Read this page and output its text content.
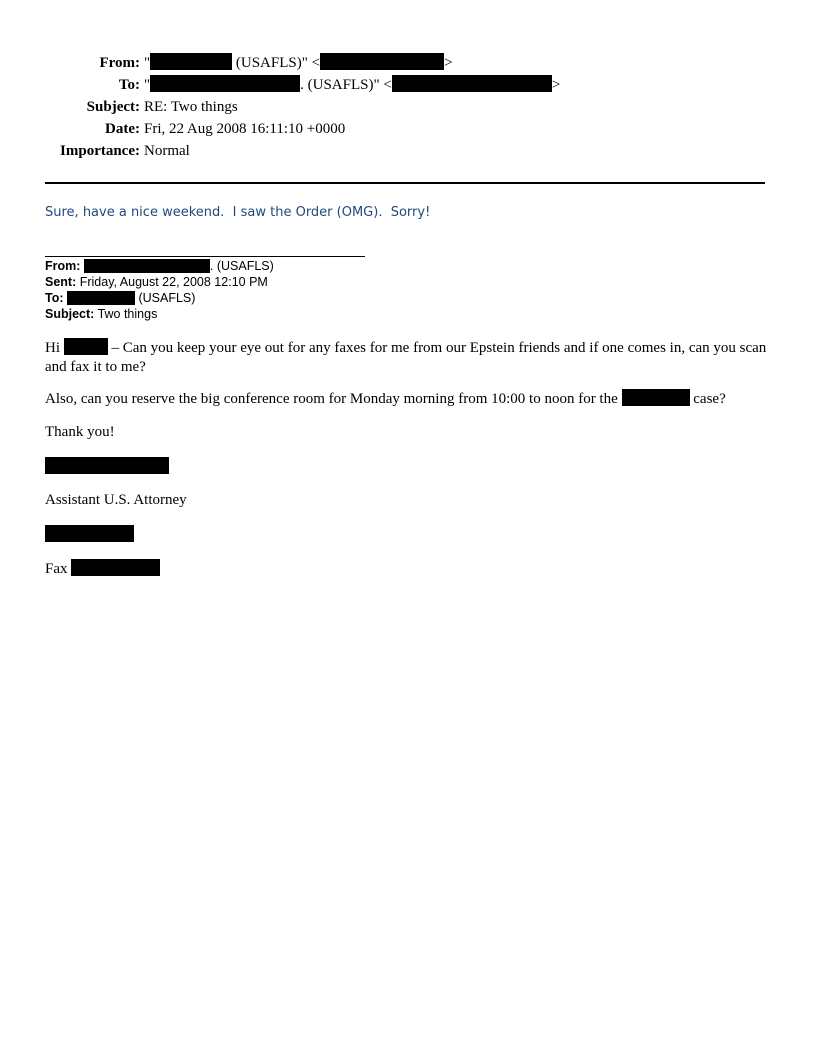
From: "	(USAFLS)" <	>
To: "	. (USAFLS)" <	>
Subject: RE: Two things
Date: Fri, 22 Aug 2008 16:11:10 +0000
Importance: Normal
Sure, have a nice weekend.  I saw the Order (OMG).  Sorry!
From:	. (USAFLS)
Sent: Friday, August 22, 2008 12:10 PM
To:	(USAFLS)
Subject: Two things
Hi	– Can you keep your eye out for any faxes for me from our Epstein friends and if one comes in, can you scan and fax it to me?
Also, can you reserve the big conference room for Monday morning from 10:00 to noon for the	case?
Thank you!
Assistant U.S. Attorney
Fax
